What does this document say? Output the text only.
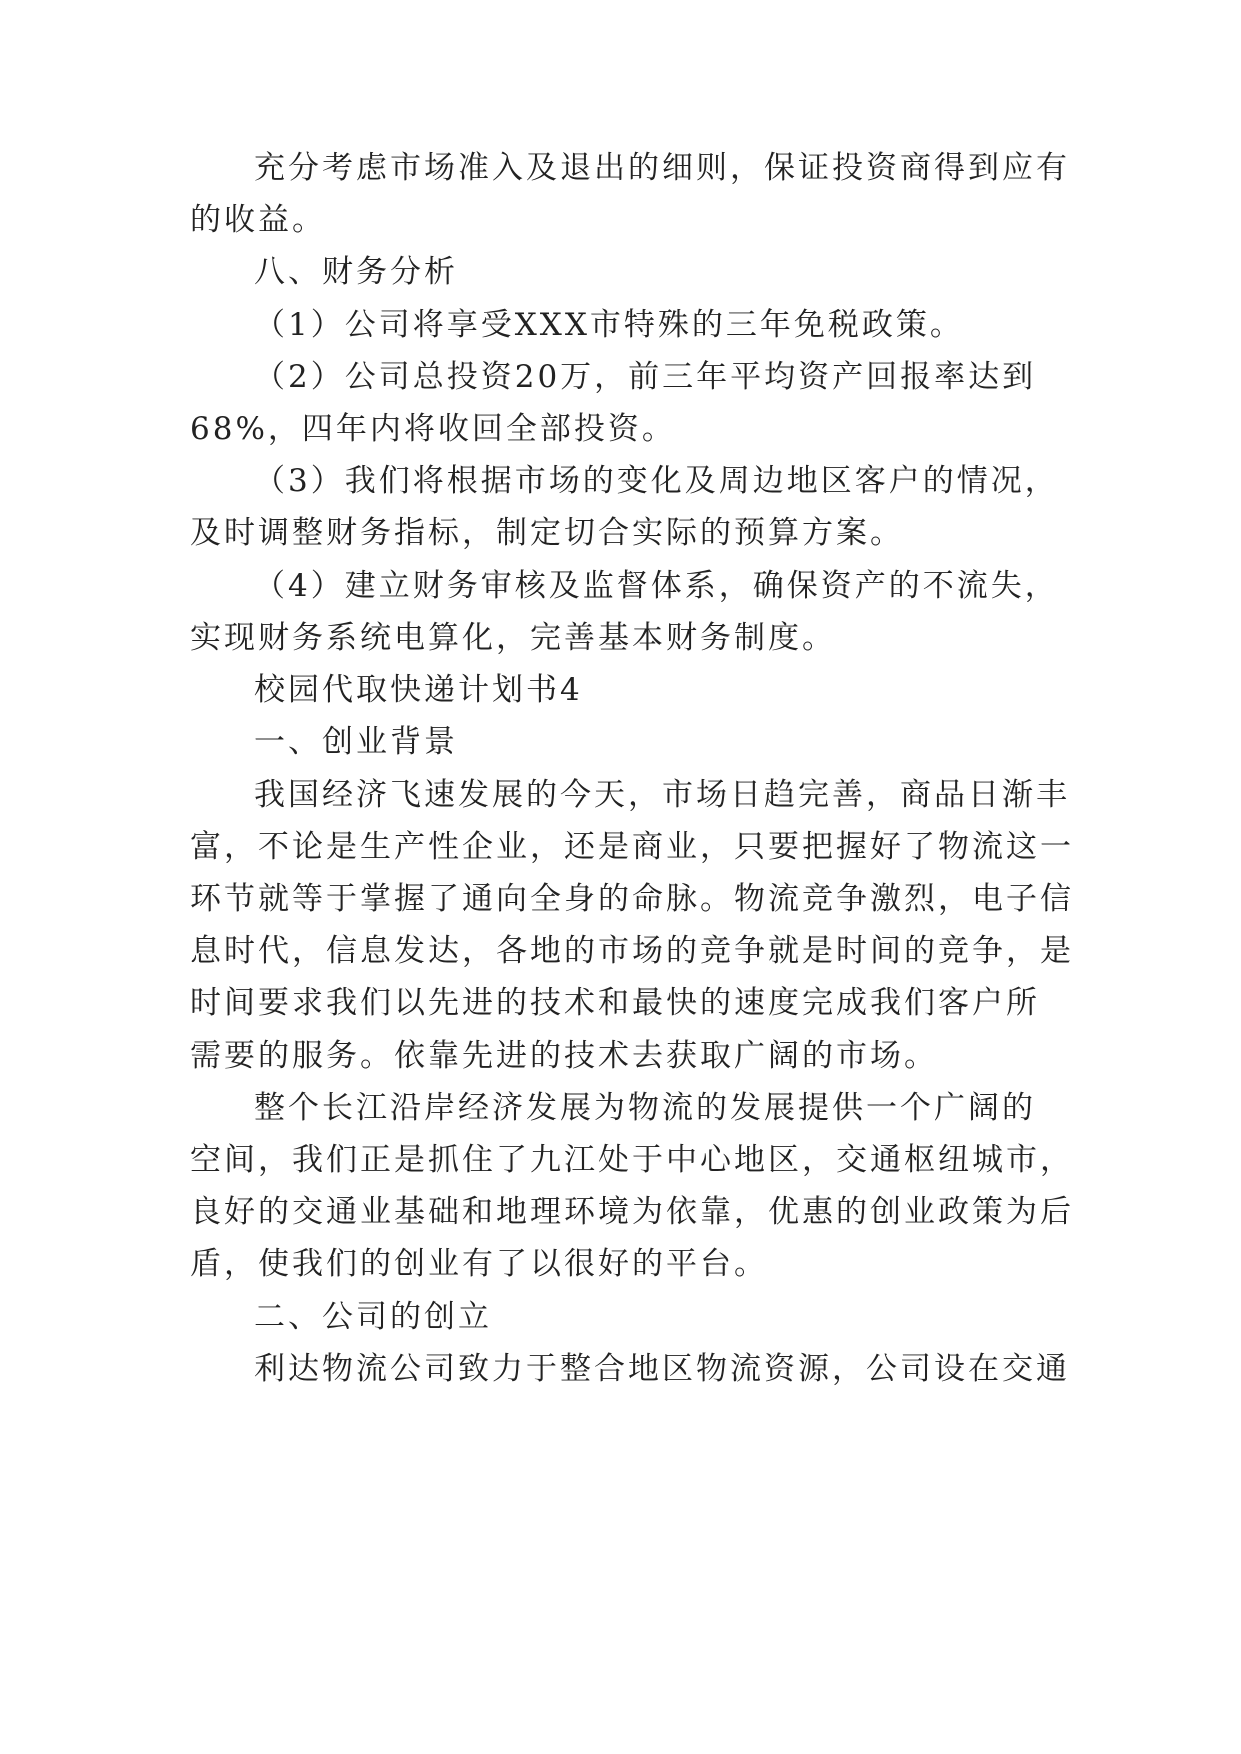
充分考虑市场准入及退出的细则，保证投资商得到应有
的收益。
八、财务分析
（1）公司将享受XXX市特殊的三年免税政策。
（2）公司总投资20万，前三年平均资产回报率达到
68%，四年内将收回全部投资。
（3）我们将根据市场的变化及周边地区客户的情况，
及时调整财务指标，制定切合实际的预算方案。
（4）建立财务审核及监督体系，确保资产的不流失，
实现财务系统电算化，完善基本财务制度。
校园代取快递计划书4
一、创业背景
我国经济飞速发展的今天，市场日趋完善，商品日渐丰
富，不论是生产性企业，还是商业，只要把握好了物流这一
环节就等于掌握了通向全身的命脉。物流竞争激烈，电子信
息时代，信息发达，各地的市场的竞争就是时间的竞争，是
时间要求我们以先进的技术和最快的速度完成我们客户所
需要的服务。依靠先进的技术去获取广阔的市场。
整个长江沿岸经济发展为物流的发展提供一个广阔的
空间，我们正是抓住了九江处于中心地区，交通枢纽城市，
良好的交通业基础和地理环境为依靠，优惠的创业政策为后
盾，使我们的创业有了以很好的平台。
二、公司的创立
利达物流公司致力于整合地区物流资源，公司设在交通
